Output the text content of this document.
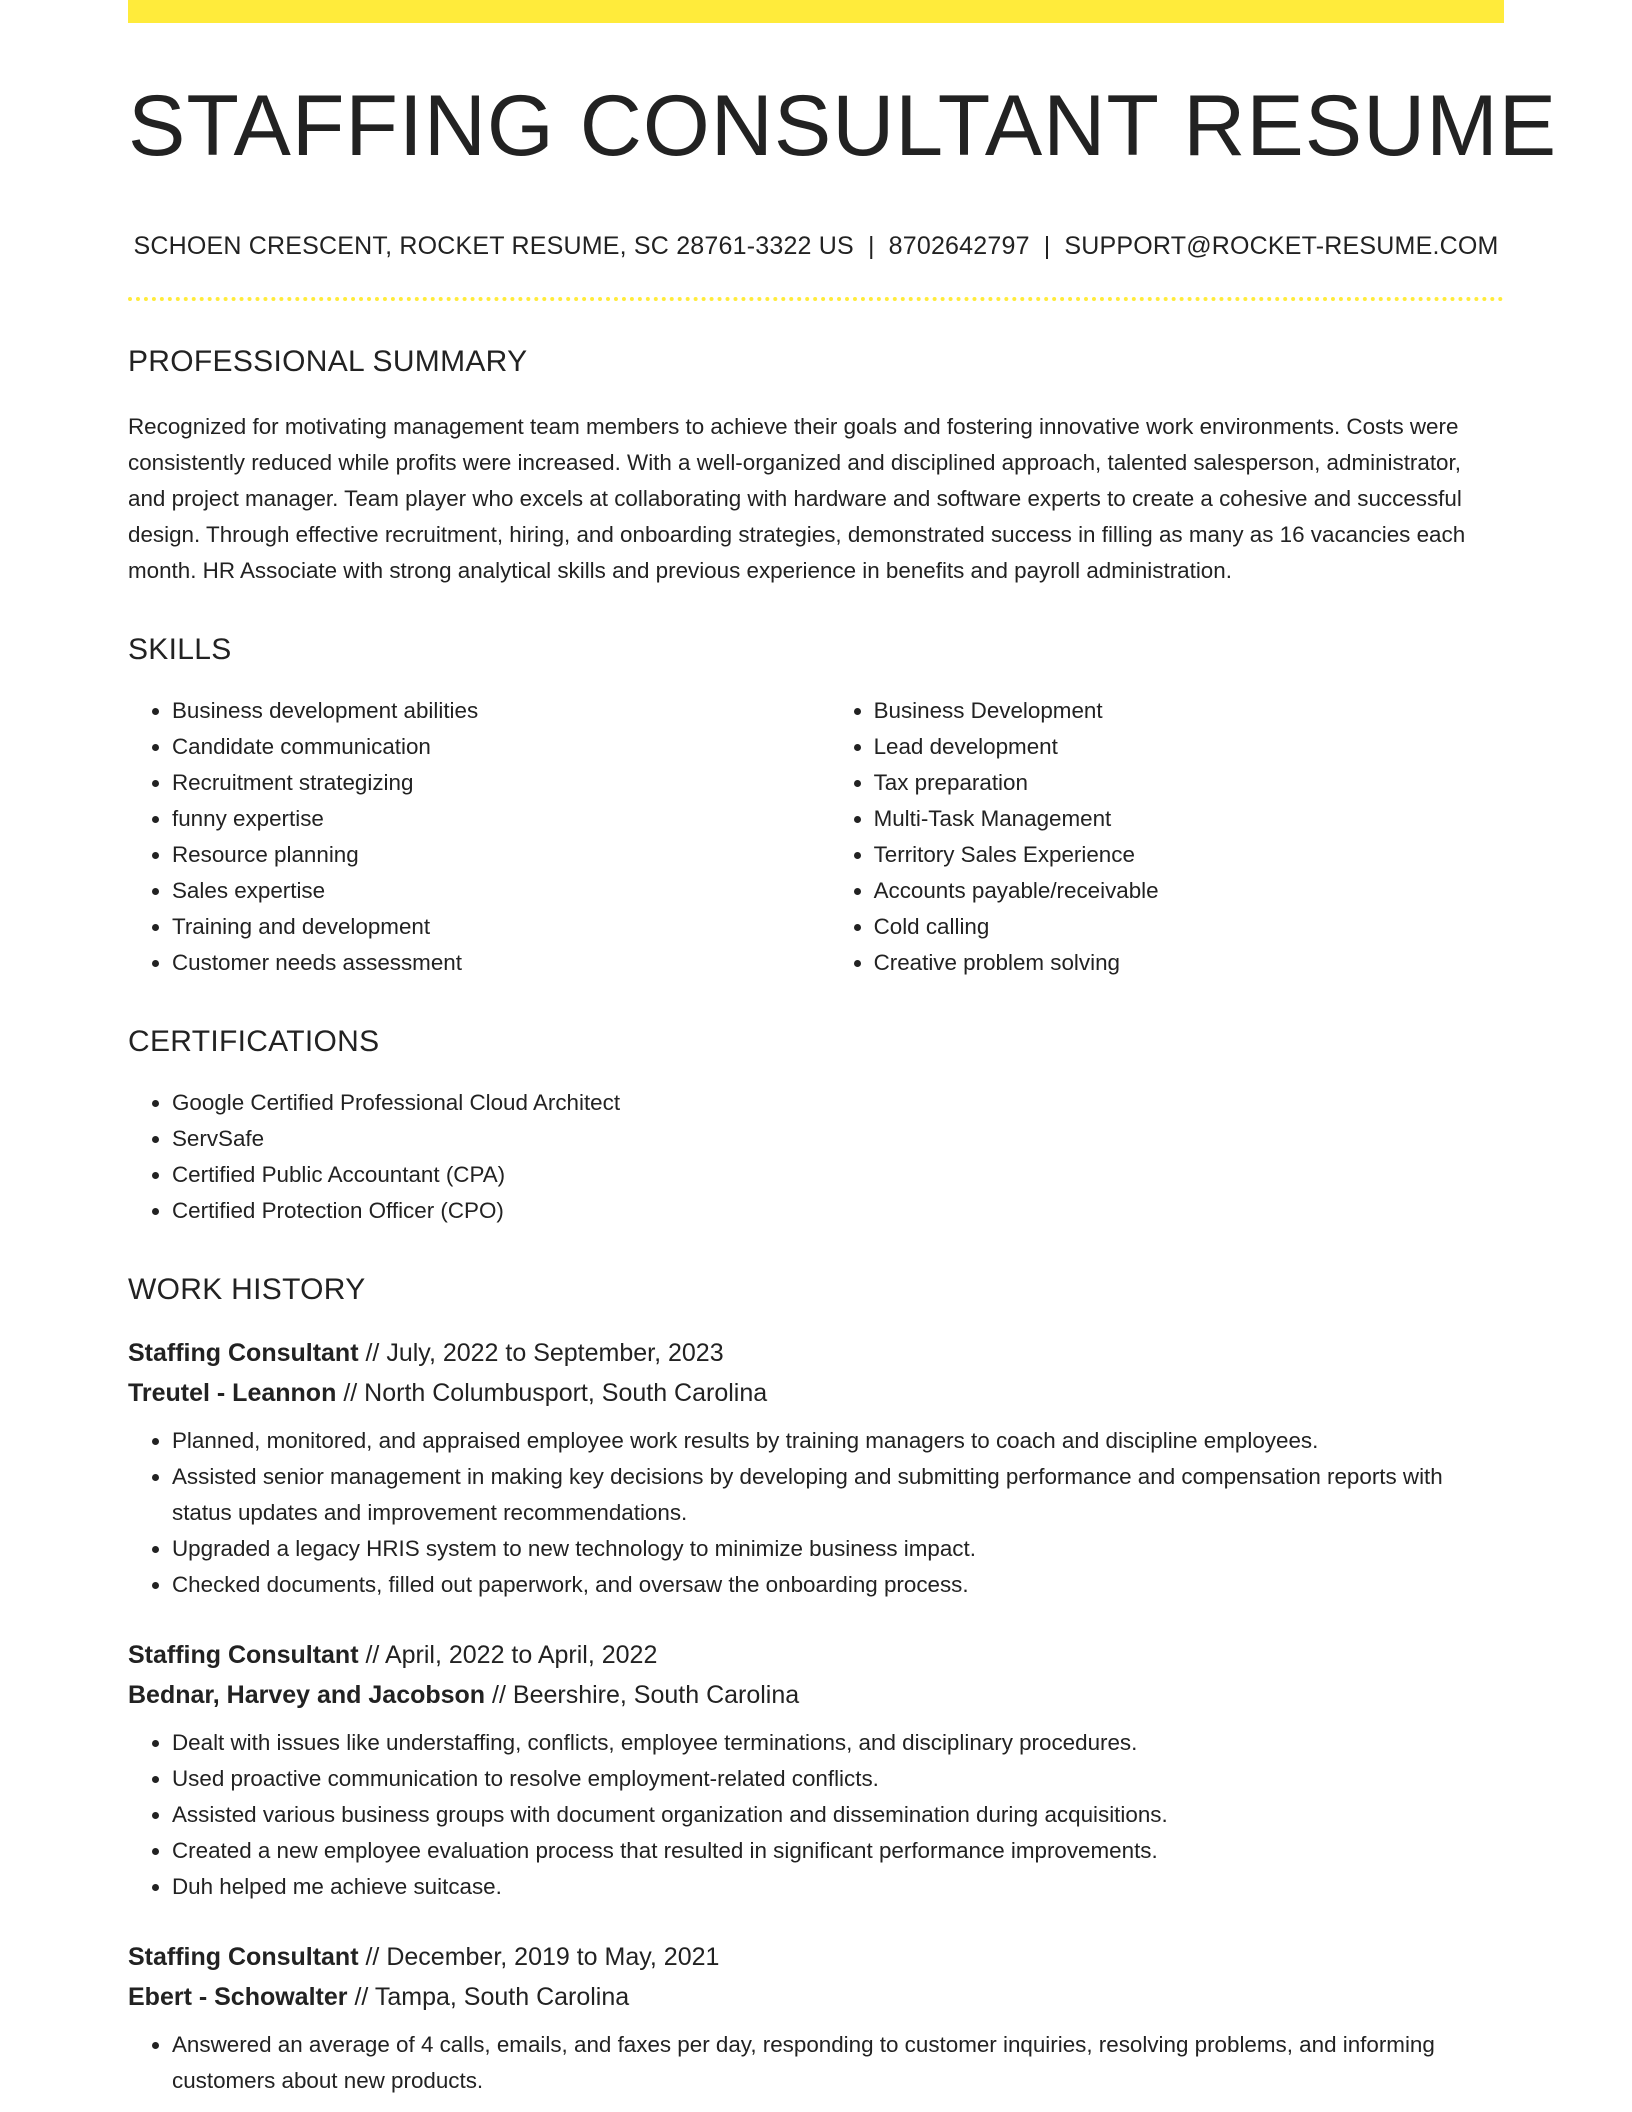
STAFFING CONSULTANT RESUME
SCHOEN CRESCENT, ROCKET RESUME, SC 28761-3322 US | 8702642797 | SUPPORT@ROCKET-RESUME.COM
PROFESSIONAL SUMMARY
Recognized for motivating management team members to achieve their goals and fostering innovative work environments. Costs were consistently reduced while profits were increased. With a well-organized and disciplined approach, talented salesperson, administrator, and project manager. Team player who excels at collaborating with hardware and software experts to create a cohesive and successful design. Through effective recruitment, hiring, and onboarding strategies, demonstrated success in filling as many as 16 vacancies each month. HR Associate with strong analytical skills and previous experience in benefits and payroll administration.
SKILLS
• Business development abilities
• Candidate communication
• Recruitment strategizing
• funny expertise
• Resource planning
• Sales expertise
• Training and development
• Customer needs assessment
• Business Development
• Lead development
• Tax preparation
• Multi-Task Management
• Territory Sales Experience
• Accounts payable/receivable
• Cold calling
• Creative problem solving
CERTIFICATIONS
• Google Certified Professional Cloud Architect
• ServSafe
• Certified Public Accountant (CPA)
• Certified Protection Officer (CPO)
WORK HISTORY
Staffing Consultant // July, 2022 to September, 2023
Treutel - Leannon // North Columbusport, South Carolina
• Planned, monitored, and appraised employee work results by training managers to coach and discipline employees.
• Assisted senior management in making key decisions by developing and submitting performance and compensation reports with status updates and improvement recommendations.
• Upgraded a legacy HRIS system to new technology to minimize business impact.
• Checked documents, filled out paperwork, and oversaw the onboarding process.
Staffing Consultant // April, 2022 to April, 2022
Bednar, Harvey and Jacobson // Beershire, South Carolina
• Dealt with issues like understaffing, conflicts, employee terminations, and disciplinary procedures.
• Used proactive communication to resolve employment-related conflicts.
• Assisted various business groups with document organization and dissemination during acquisitions.
• Created a new employee evaluation process that resulted in significant performance improvements.
• Duh helped me achieve suitcase.
Staffing Consultant // December, 2019 to May, 2021
Ebert - Schowalter // Tampa, South Carolina
• Answered an average of 4 calls, emails, and faxes per day, responding to customer inquiries, resolving problems, and informing customers about new products.
